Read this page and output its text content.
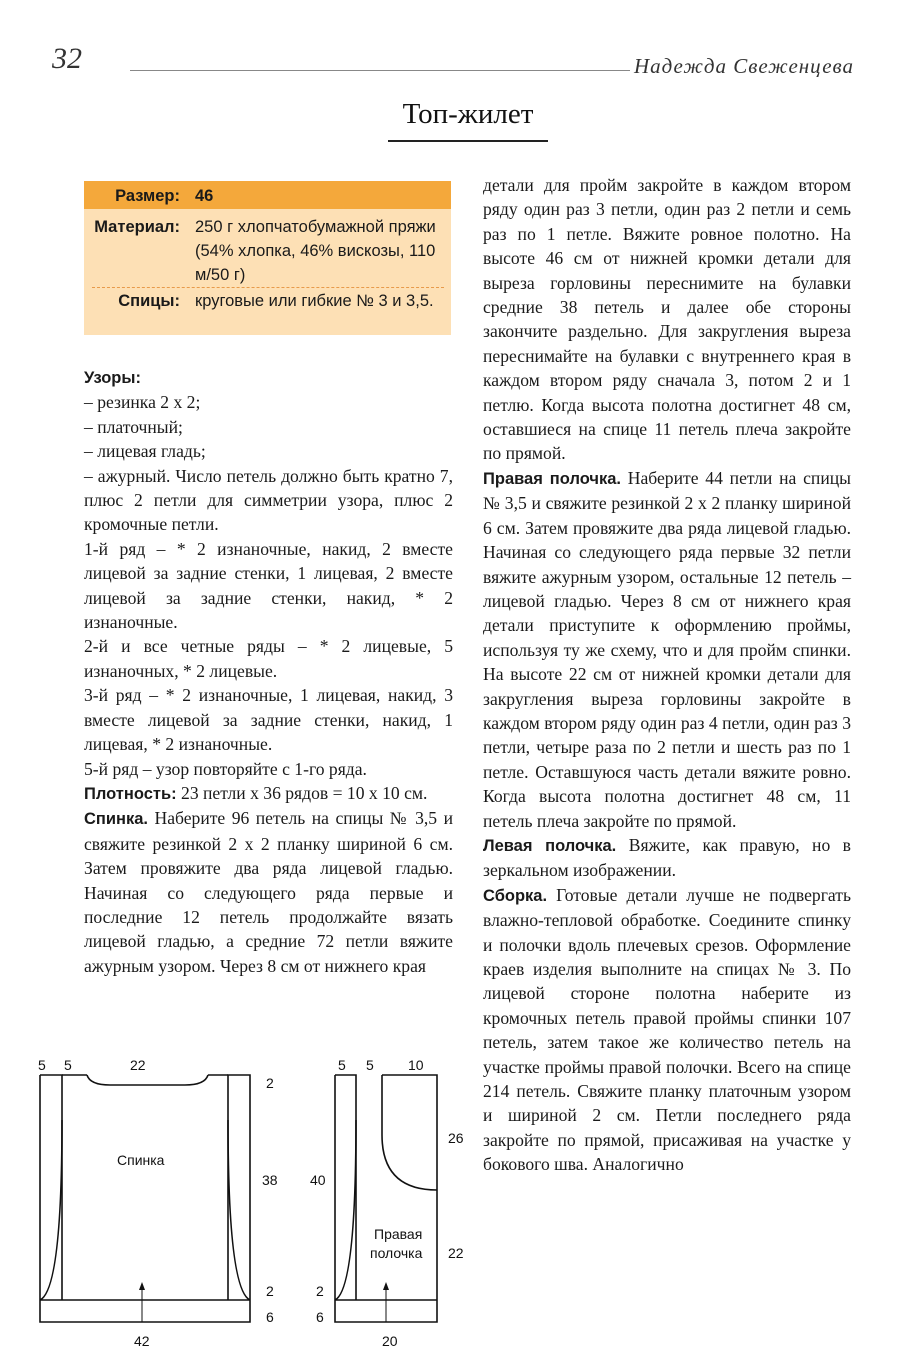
32	Надежда Свеженцева
Топ-жилет
Размер: 46
Материал: 250 г хлопчатобумажной пряжи (54% хлопка, 46% вискозы, 110 м/50 г)
Спицы: круговые или гибкие № 3 и 3,5.

Узоры:

– резинка 2 х 2;

– платочный;

– лицевая гладь;

– ажурный. Число петель должно быть кратно 7, плюс 2 петли для симметрии узора, плюс 2 кромочные петли.

1-й ряд – * 2 изнаночные, накид, 2 вместе лицевой за задние стенки, 1 лицевая, 2 вместе лицевой за задние стенки, накид, * 2 изнаночные.

2-й и все четные ряды – * 2 лицевые, 5 изнаночных, * 2 лицевые.

3-й ряд – * 2 изнаночные, 1 лицевая, накид, 3 вместе лицевой за задние стенки, накид, 1 лицевая, * 2 изнаночные.

5-й ряд – узор повторяйте с 1-го ряда.

Плотность: 23 петли х 36 рядов = 10 х 10 см.

Спинка. Наберите 96 петель на спицы № 3,5 и свяжите резинкой 2 х 2 планку шириной 6 см. Затем провяжите два ряда лицевой гладью. Начиная со следующего ряда первые и последние 12 петель продолжайте вязать лицевой гладью, а средние 72 петли вяжите ажурным узором. Через 8 см от нижнего края

детали для пройм закройте в каждом втором ряду один раз 3 петли, один раз 2 петли и семь раз по 1 петле. Вяжите ровное полотно. На высоте 46 см от нижней кромки детали для выреза горловины переснимите на булавки средние 38 петель и далее обе стороны закончите раздельно. Для закругления выреза переснимайте на булавки с внутреннего края в каждом втором ряду сначала 3, потом 2 и 1 петлю. Когда высота полотна достигнет 48 см, оставшиеся на спице 11 петель плеча закройте по прямой.

Правая полочка. Наберите 44 петли на спицы № 3,5 и свяжите резинкой 2 х 2 планку шириной 6 см. Затем провяжите два ряда лицевой гладью. Начиная со следующего ряда первые 32 петли вяжите ажурным узором, остальные 12 петель – лицевой гладью. Через 8 см от нижнего края детали приступите к оформлению проймы, используя ту же схему, что и для пройм спинки. На высоте 22 см от нижней кромки детали для закругления выреза горловины закройте в каждом втором ряду один раз 4 петли, один раз 3 петли, четыре раза по 2 петли и шесть раз по 1 петле. Оставшуюся часть детали вяжите ровно. Когда высота полотна достигнет 48 см, 11 петель плеча закройте по прямой.

Левая полочка. Вяжите, как правую, но в зеркальном изображении.

Сборка. Готовые детали лучше не подвергать влажно-тепловой обработке. Соедините спинку и полочки вдоль плечевых срезов. Оформление краев изделия выполните на спицах № 3. По лицевой стороне полотна наберите из кромочных петель правой проймы спинки 107 петель, затем такое же количество петель на участке проймы правой полочки. Всего на спице 214 петель. Свяжите планку платочным узором и шириной 2 см. Петли последнего ряда закройте по прямой, присаживая на участке у бокового шва. Аналогично

5 5	22
2
38
2
6
42
Спинка
5 5 10
26
22
40
2
6
20
Правая
полочка
